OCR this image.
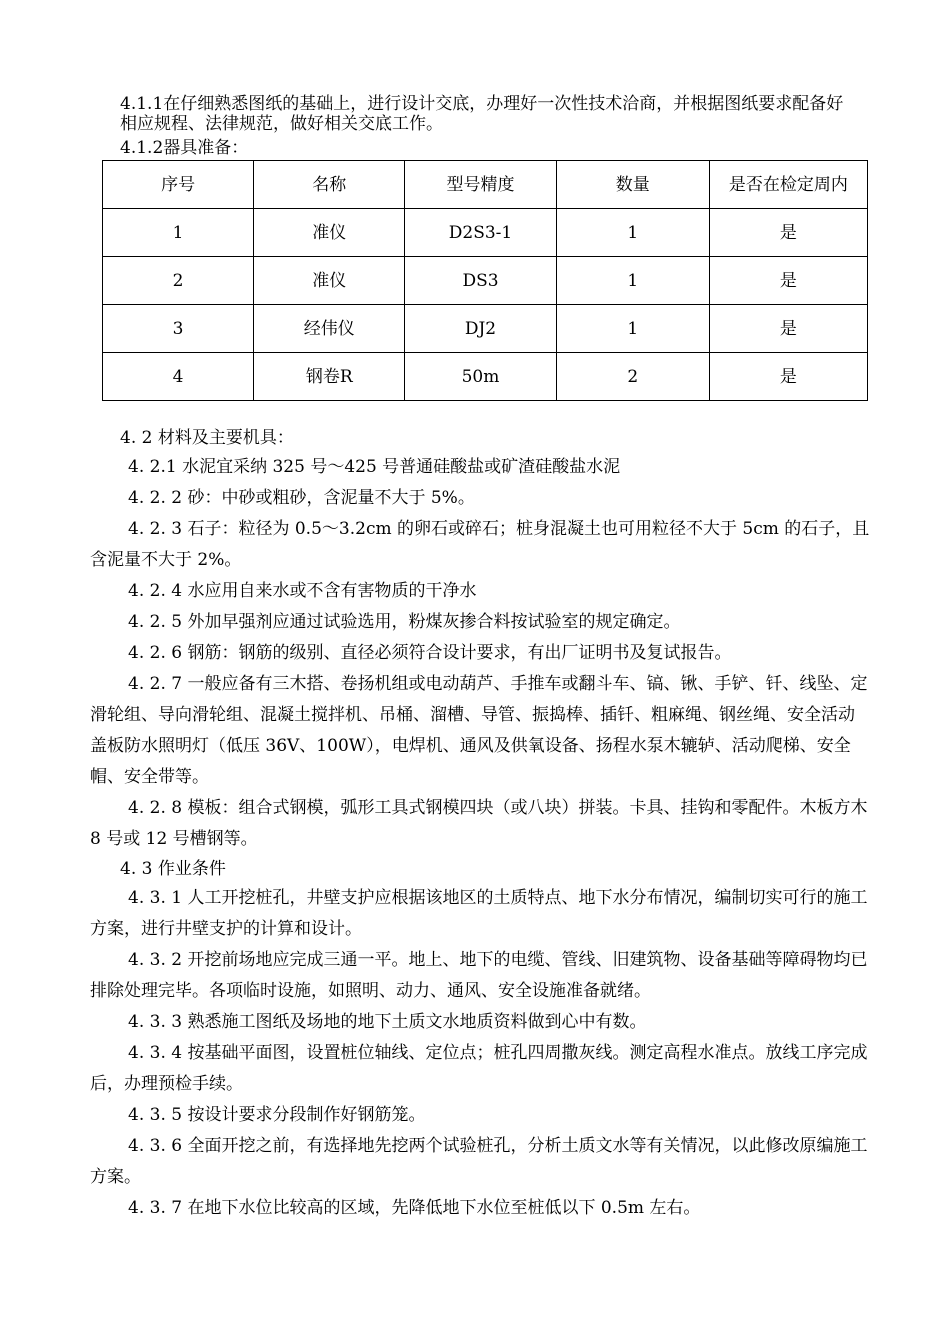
4.1.1在仔细熟悉图纸的基础上，进行设计交底，办理好一次性技术洽商，并根据图纸要求配备好相应规程、法律规范，做好相关交底工作。
4.1.2器具准备：
序号	名称	型号精度	数量	是否在检定周内
1	准仪	D2S3-1	1	是
2	准仪	DS3	1	是
3	经伟仪	DJ2	1	是
4	钢卷R	50m	2	是
4. 2 材料及主要机具：
4. 2.1 水泥宜采纳 325 号～425 号普通硅酸盐或矿渣硅酸盐水泥
4. 2. 2 砂：中砂或粗砂，含泥量不大于 5%。
4. 2. 3 石子：粒径为 0.5～3.2cm 的卵石或碎石；桩身混凝土也可用粒径不大于 5cm 的石子，且含泥量不大于 2%。
4. 2. 4 水应用自来水或不含有害物质的干净水
4. 2. 5 外加早强剂应通过试验选用，粉煤灰掺合料按试验室的规定确定。
4. 2. 6 钢筋：钢筋的级别、直径必须符合设计要求，有出厂证明书及复试报告。
4. 2. 7 一般应备有三木搭、卷扬机组或电动葫芦、手推车或翻斗车、镐、锹、手铲、钎、线坠、定滑轮组、导向滑轮组、混凝土搅拌机、吊桶、溜槽、导管、振捣棒、插钎、粗麻绳、钢丝绳、安全活动盖板防水照明灯（低压 36V、100W），电焊机、通风及供氧设备、扬程水泵木辘轳、活动爬梯、安全帽、安全带等。
4. 2. 8 模板：组合式钢模，弧形工具式钢模四块（或八块）拼装。卡具、挂钩和零配件。木板方木 8 号或 12 号槽钢等。
4. 3 作业条件
4. 3. 1 人工开挖桩孔，井壁支护应根据该地区的土质特点、地下水分布情况，编制切实可行的施工方案，进行井壁支护的计算和设计。
4. 3. 2 开挖前场地应完成三通一平。地上、地下的电缆、管线、旧建筑物、设备基础等障碍物均已排除处理完毕。各项临时设施，如照明、动力、通风、安全设施准备就绪。
4. 3. 3 熟悉施工图纸及场地的地下土质文水地质资料做到心中有数。
4. 3. 4 按基础平面图，设置桩位轴线、定位点；桩孔四周撒灰线。测定高程水准点。放线工序完成后，办理预检手续。
4. 3. 5 按设计要求分段制作好钢筋笼。
4. 3. 6 全面开挖之前，有选择地先挖两个试验桩孔，分析土质文水等有关情况，以此修改原编施工方案。
4. 3. 7 在地下水位比较高的区域，先降低地下水位至桩低以下 0.5m 左右。
